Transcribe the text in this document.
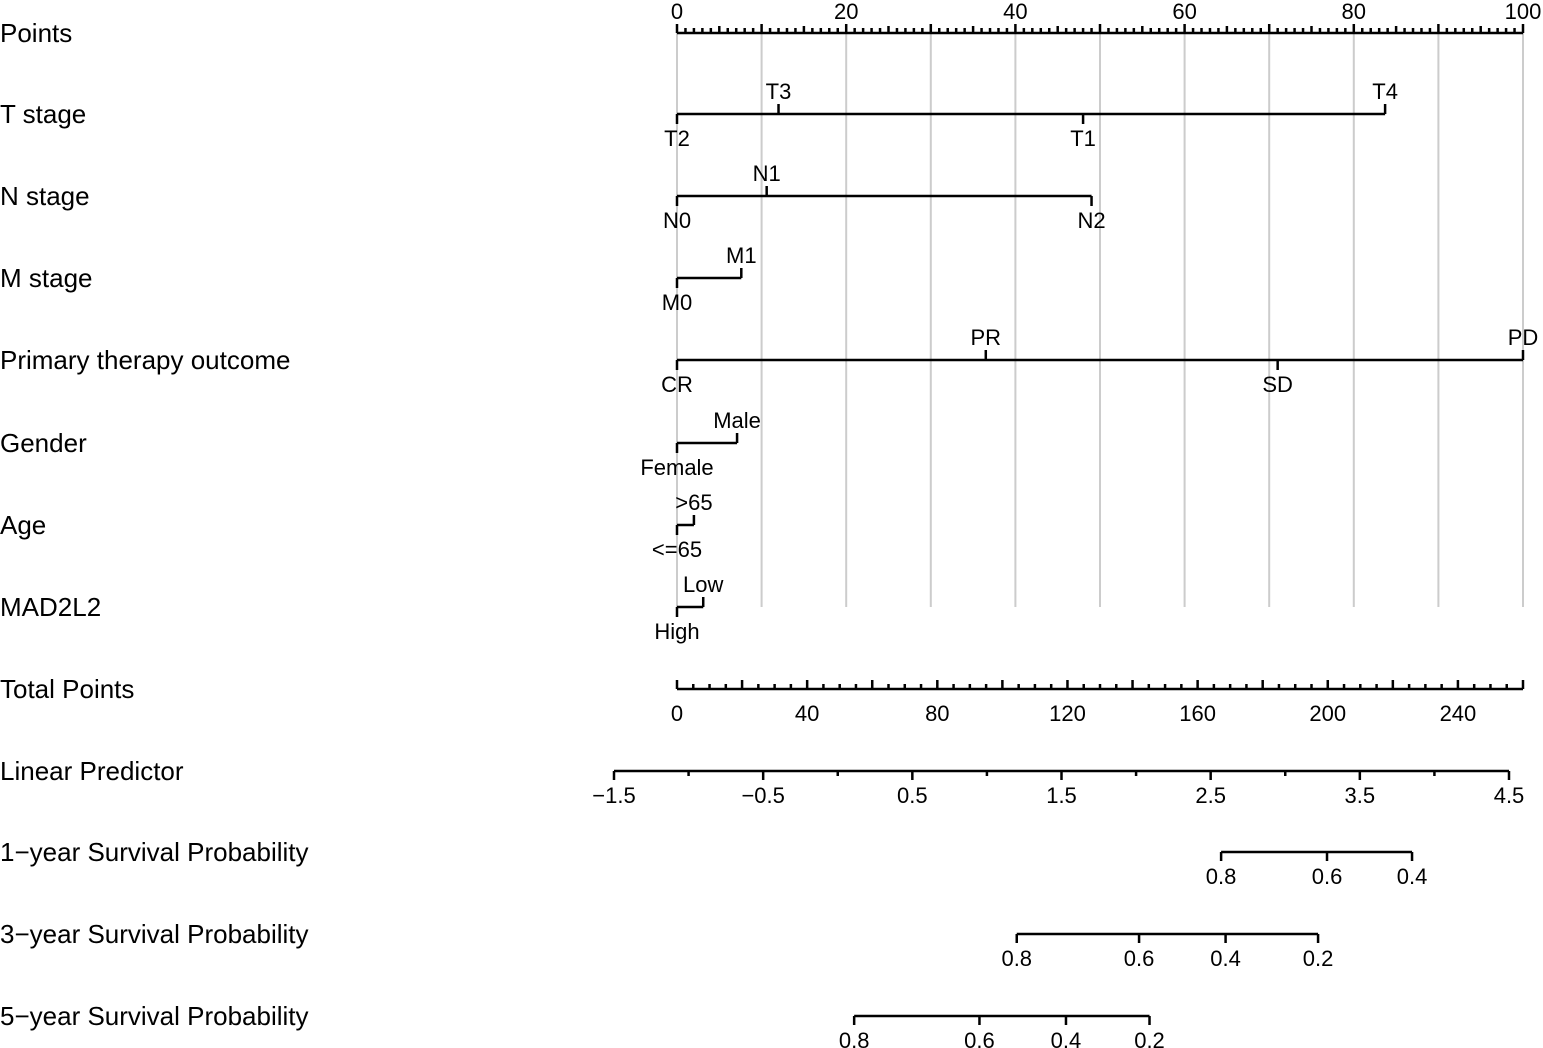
Points
0	20	40	60	80	100
T stage
T2
T3
T1
T4
N stage
N0
N1
N2
M stage
M0
M1
Primary therapy outcome
CR
PR
SD
PD
Gender
Female
Male
Age
<=65
>65
MAD2L2
High
Low
Total Points
0	40	80	120	160	200	240
Linear Predictor
−1.5	−0.5	0.5	1.5	2.5	3.5	4.5
1−year Survival Probability
0.8	0.6 0.4
3−year Survival Probability
0.8	0.6	0.4	0.2
5−year Survival Probability
0.8	0.6	0.4 0.2
